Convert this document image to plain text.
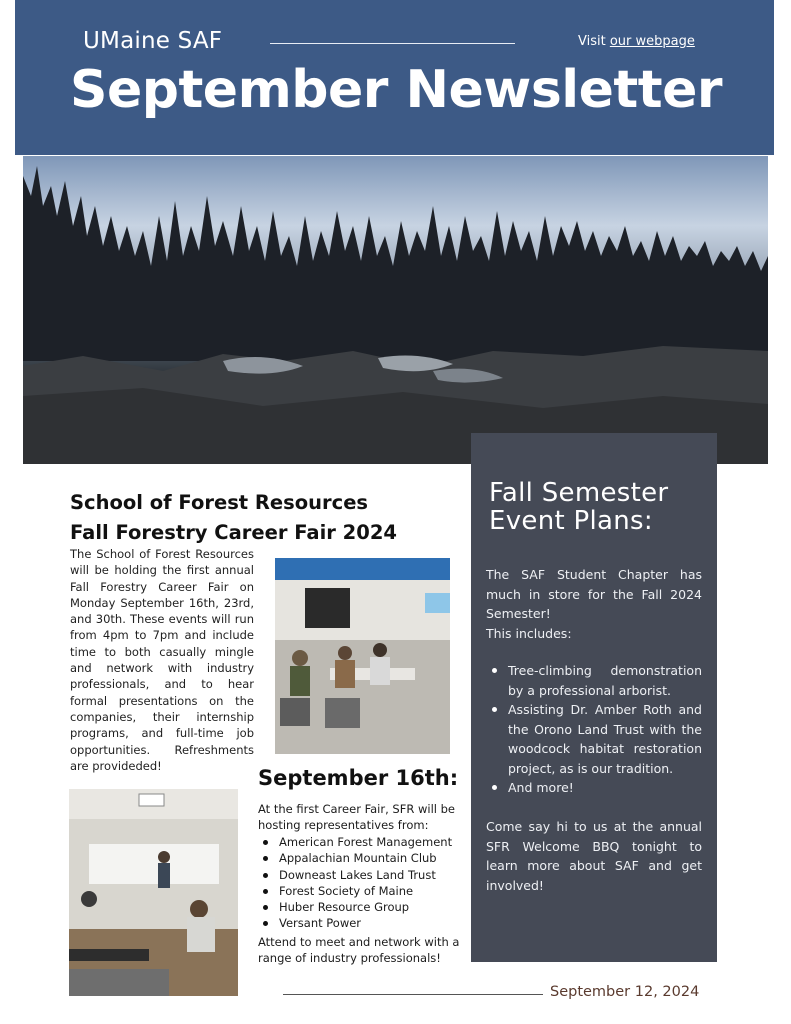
UMaine SAF	Visit our webpage
September Newsletter
School of Forest Resources
Fall Forestry Career Fair 2024
The School of Forest Resources will be holding the first annual Fall Forestry Career Fair on Monday September 16th, 23rd, and 30th. These events will run from 4pm to 7pm and include time to both casually mingle and network with industry professionals, and to hear formal presentations on the companies, their internship programs, and full-time job opportunities. Refreshments are provideded!
September 16th:
At the first Career Fair, SFR will be hosting representatives from:
American Forest Management
Appalachian Mountain Club
Downeast Lakes Land Trust
Forest Society of Maine
Huber Resource Group
Versant Power
Attend to meet and network with a range of industry professionals!
Fall Semester Event Plans:
The SAF Student Chapter has much in store for the Fall 2024 Semester!
This includes:
Tree-climbing demonstration by a professional arborist.
Assisting Dr. Amber Roth and the Orono Land Trust with the woodcock habitat restoration project, as is our tradition.
And more!
Come say hi to us at the annual SFR Welcome BBQ tonight to learn more about SAF and get involved!
September 12, 2024
